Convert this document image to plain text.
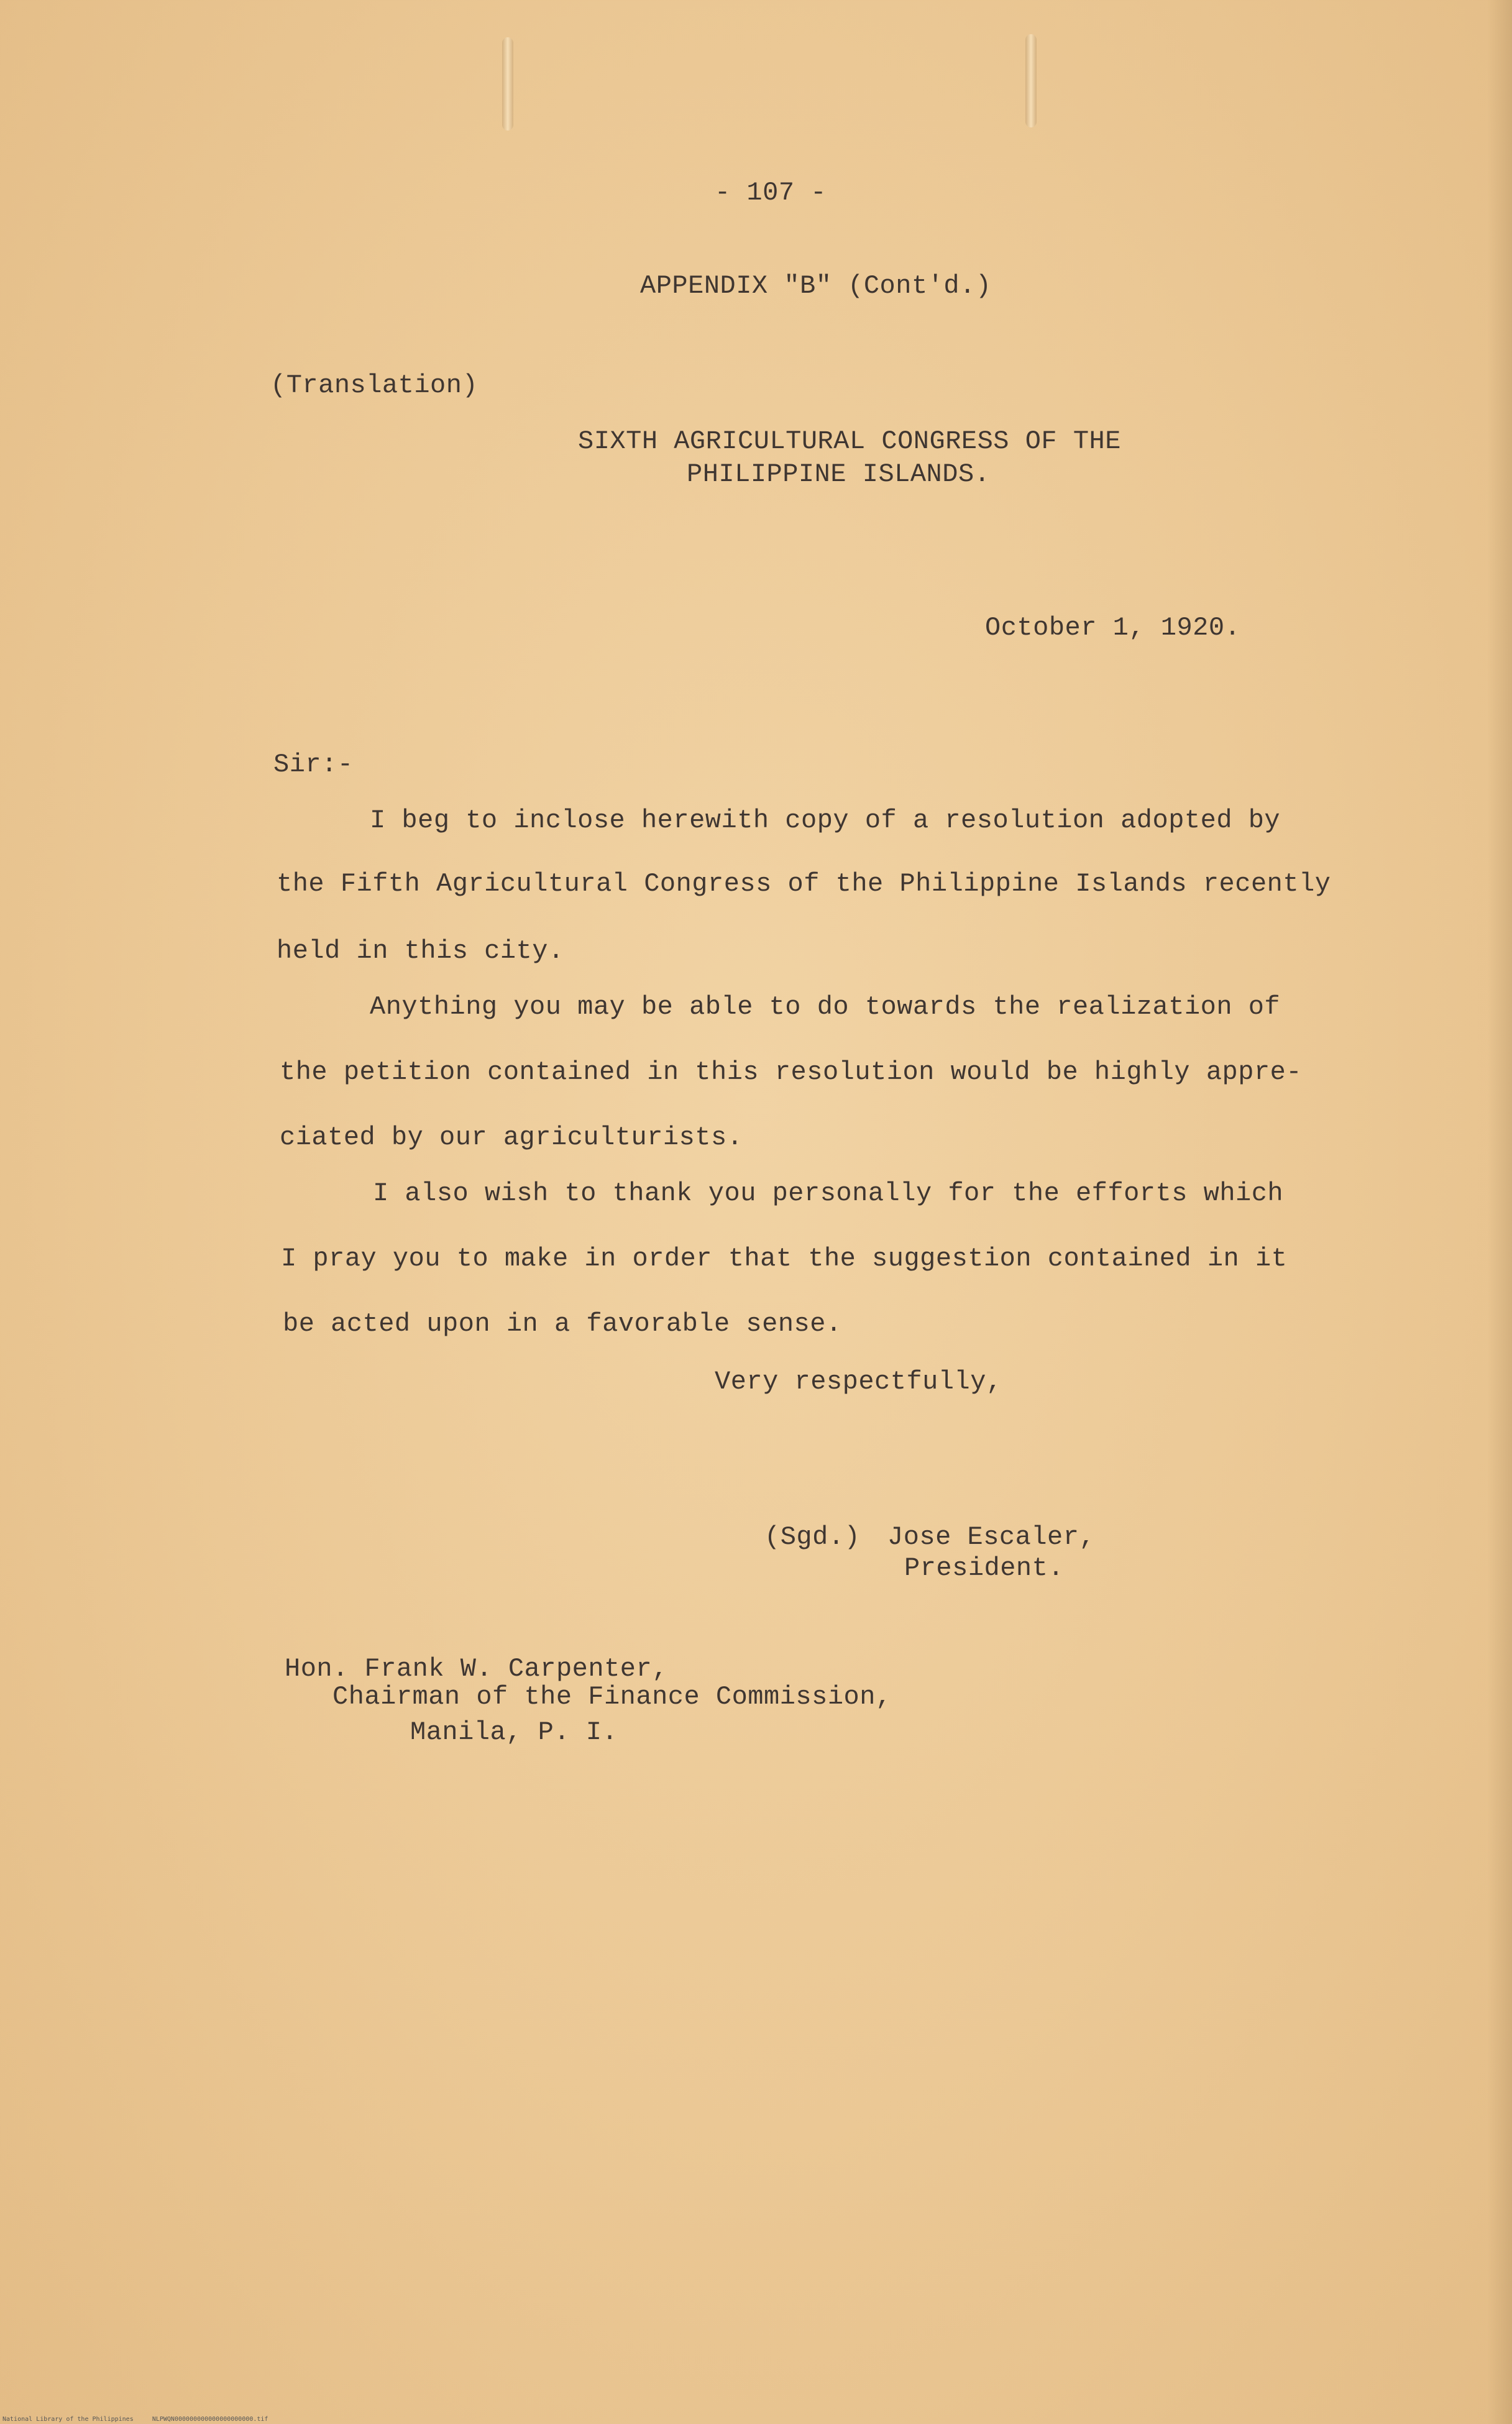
- 107 -
APPENDIX "B" (Cont'd.)
(Translation)
SIXTH AGRICULTURAL CONGRESS OF THE
PHILIPPINE ISLANDS.
October 1, 1920.
Sir:-
I beg to inclose herewith copy of a resolution adopted by
the Fifth Agricultural Congress of the Philippine Islands recently
held in this city.
Anything you may be able to do towards the realization of
the petition contained in this resolution would be highly appre-
ciated by our agriculturists.
I also wish to thank you personally for the efforts which
I pray you to make in order that the suggestion contained in it
be acted upon in a favorable sense.
Very respectfully,
(Sgd.) Jose Escaler,
President.
Hon. Frank W. Carpenter,
Chairman of the Finance Commission,
Manila, P. I.
National Library of the Philippines     NLPWQN000000000000000000000.tif
